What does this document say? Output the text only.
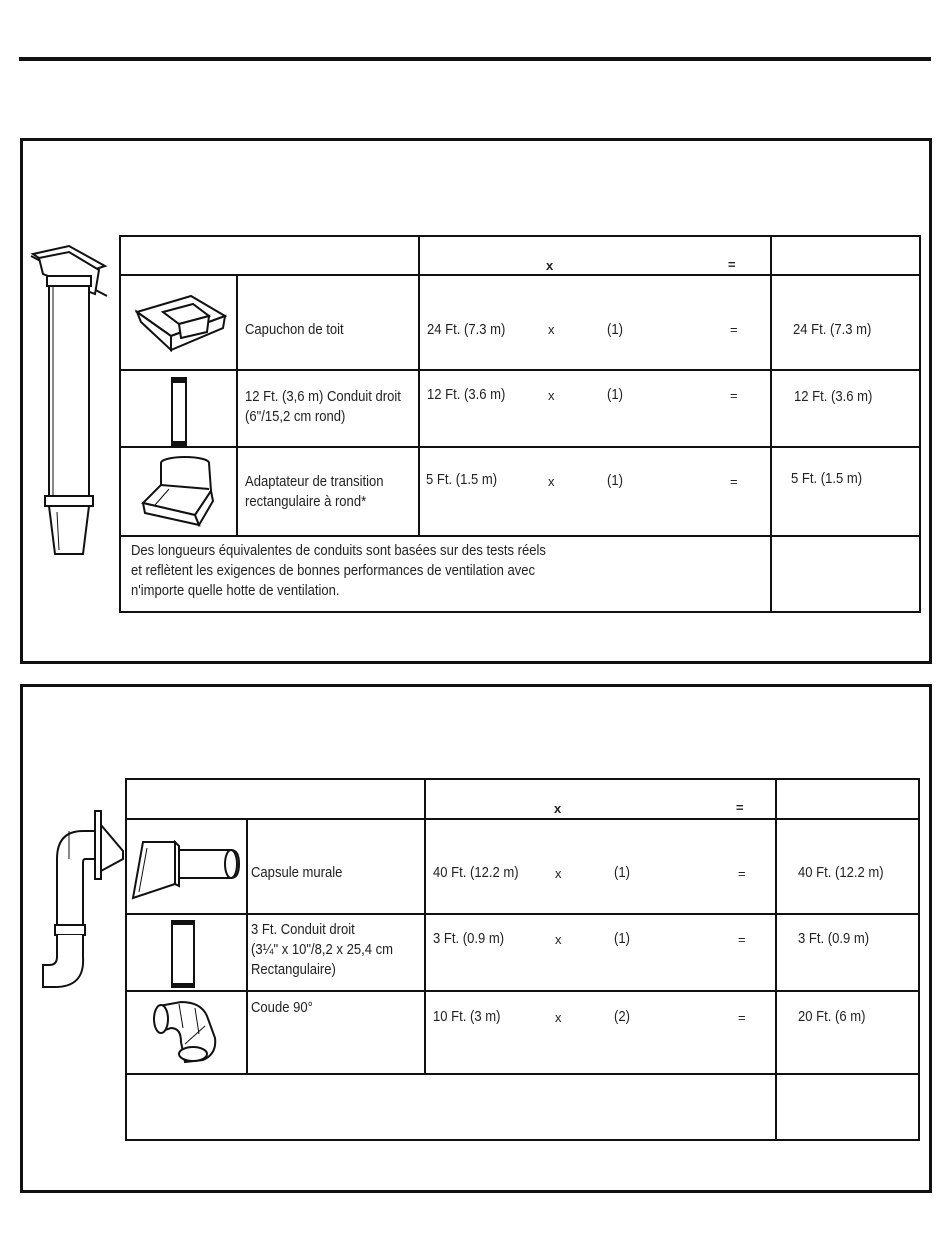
x	=
Capuchon de toit	24 Ft. (7.3 m)	x	(1)	=	24 Ft. (7.3 m)
12 Ft. (3,6 m) Conduit droit
(6"/15,2 cm rond)
12 Ft. (3.6 m)	x	(1)	=	12 Ft. (3.6 m)
Adaptateur de transition
rectangulaire à rond*
5 Ft. (1.5 m)	x	(1)	=	5 Ft. (1.5 m)
Des longueurs équivalentes de conduits sont basées sur des tests réels
et reflètent les exigences de bonnes performances de ventilation avec
n'importe quelle hotte de ventilation.
x	=
Capsule murale	40 Ft. (12.2 m)	x	(1)	=	40 Ft. (12.2 m)
3 Ft. Conduit droit
(3¼" x 10"/8,2 x 25,4 cm
Rectangulaire)
3 Ft. (0.9 m)	x	(1)	=	3 Ft. (0.9 m)
Coude 90°
10 Ft. (3 m)	x	(2)	=	20 Ft. (6 m)
